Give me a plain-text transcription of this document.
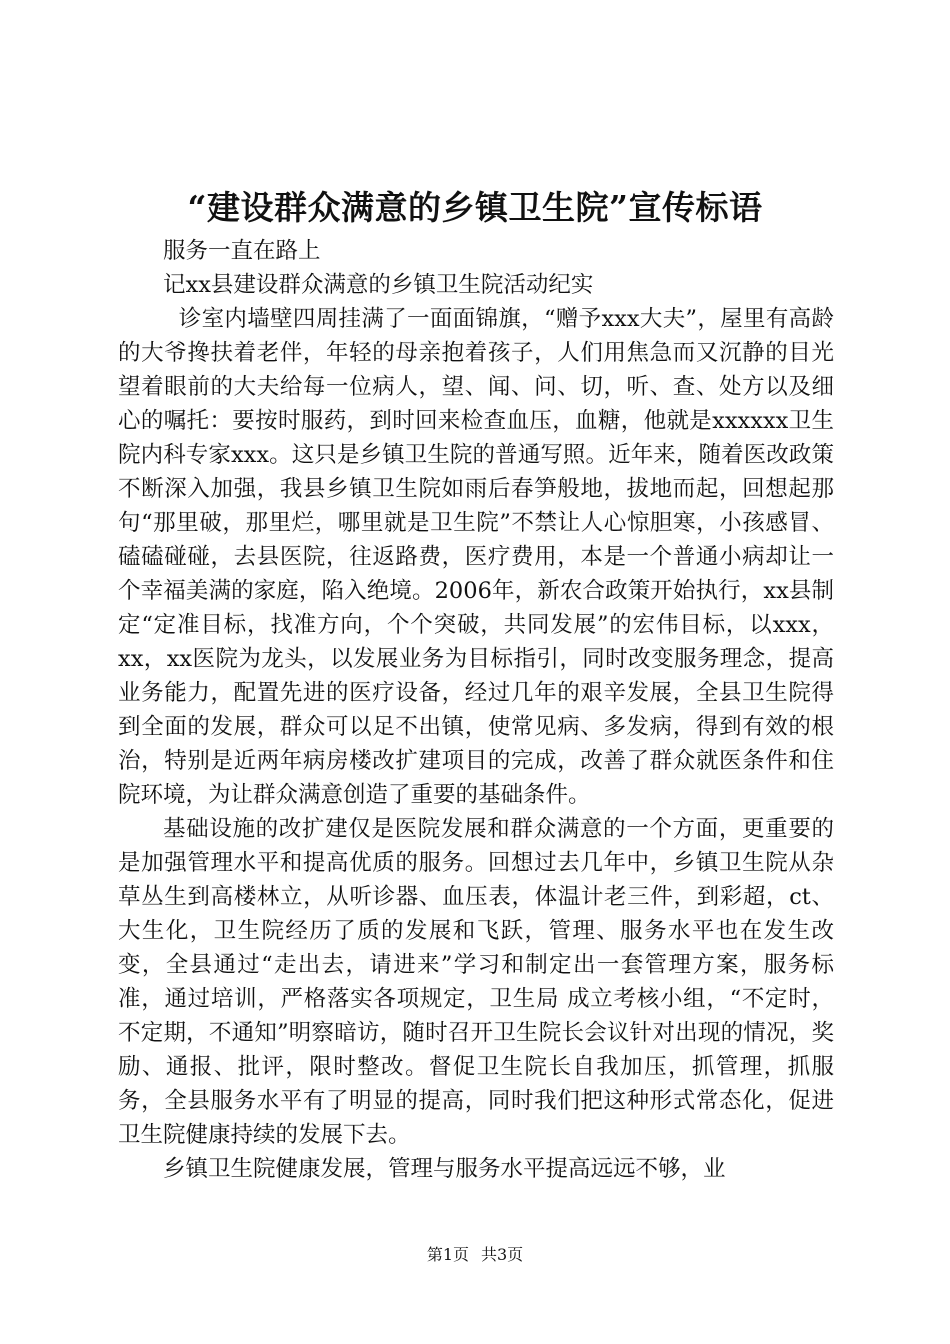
“建设群众满意的乡镇卫生院”宣传标语

服务一直在路上

记xx县建设群众满意的乡镇卫生院活动纪实

诊室内墙壁四周挂满了一面面锦旗，“赠予xxx大夫”，屋里有高龄的大爷搀扶着老伴，年轻的母亲抱着孩子，人们用焦急而又沉静的目光望着眼前的大夫给每一位病人，望、闻、问、切，听、查、处方以及细心的嘱托：要按时服药，到时回来检查血压，血糖，他就是xxxxxx卫生院内科专家xxx。这只是乡镇卫生院的普通写照。近年来，随着医改政策不断深入加强，我县乡镇卫生院如雨后春笋般地，拔地而起，回想起那句“那里破，那里烂，哪里就是卫生院”不禁让人心惊胆寒，小孩感冒、 磕磕碰碰，去县医院，往返路费，医疗费用，本是一个普通小病却让一个幸福美满的家庭，陷入绝境。2006年，新农合政策开始执行，xx县制定“定准目标，找准方向，个个突破，共同发展”的宏伟目标，以xxx，xx，xx医院为龙头，以发展业务为目标指引，同时改变服务理念，提高业务能力，配置先进的医疗设备，经过几年的艰辛发展，全县卫生院得到全面的发展，群众可以足不出镇，使常见病、多发病，得到有效的根治，特别是近两年病房楼改扩建项目的完成，改善了群众就医条件和住院环境，为让群众满意创造了重要的基础条件。

基础设施的改扩建仅是医院发展和群众满意的一个方面，更重要的是加强管理水平和提高优质的服务。回想过去几年中，乡镇卫生院从杂草丛生到高楼林立，从听诊器、血压表，体温计老三件，到彩超，ct、大生化，卫生院经历了质的发展和飞跃，管理、服务水平也在发生改变，全县通过“走出去，请进来”学习和制定出一套管理方案，服务标准，通过培训，严格落实各项规定，卫生局 成立考核小组，“不定时，不定期，不通知”明察暗访，随时召开卫生院长会议针对出现的情况，奖励、通报、批评，限时整改。督促卫生院长自我加压，抓管理，抓服务，全县服务水平有了明显的提高，同时我们把这种形式常态化，促进卫生院健康持续的发展下去。

乡镇卫生院健康发展，管理与服务水平提高远远不够，业

第1页 共3页
